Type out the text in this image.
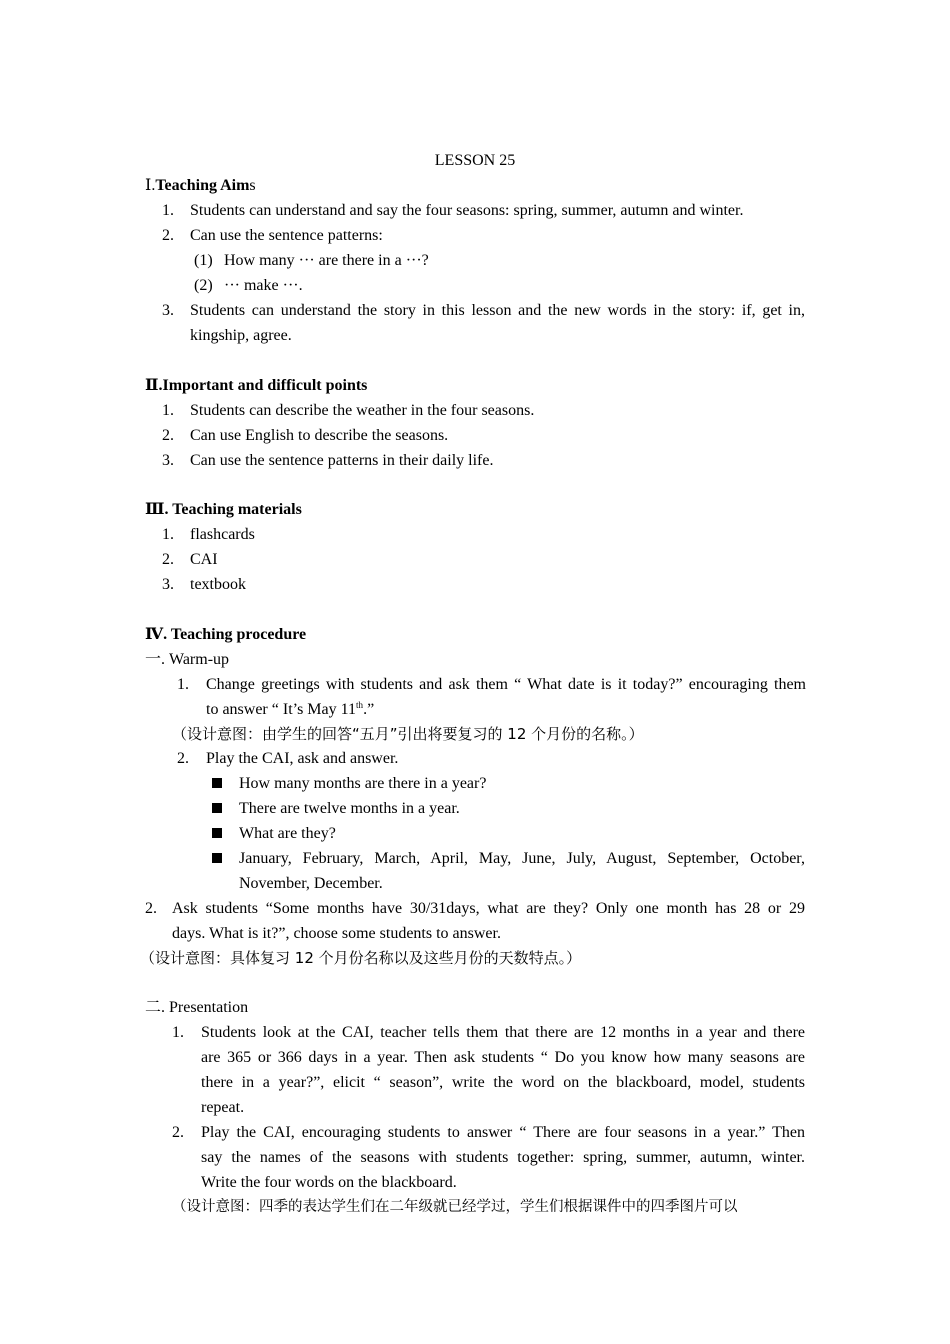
LESSON 25
Ⅰ.Teaching Aims
1. Students can understand and say the four seasons: spring, summer, autumn and winter.
2. Can use the sentence patterns:
(1) How many ··· are there in a ···?
(2) ··· make ···.
3. Students can understand the story in this lesson and the new words in the story: if, get in,
kingship, agree.
Ⅱ.Important and difficult points
1. Students can describe the weather in the four seasons.
2. Can use English to describe the seasons.
3. Can use the sentence patterns in their daily life.
Ⅲ. Teaching materials
1. flashcards
2. CAI
3. textbook
Ⅳ. Teaching procedure
一. Warm-up
1. Change greetings with students and ask them “ What date is it today?” encouraging them
to answer “ It’s May 11th.”
（设计意图：由学生的回答“五月”引出将要复习的 12 个月份的名称。）
2. Play the CAI, ask and answer.
How many months are there in a year?
There are twelve months in a year.
What are they?
January, February, March, April, May, June, July, August, September, October,
November, December.
2. Ask students “Some months have 30/31days, what are they? Only one month has 28 or 29
days. What is it?”, choose some students to answer.
（设计意图：具体复习 12 个月份名称以及这些月份的天数特点。）
二. Presentation
1. Students look at the CAI, teacher tells them that there are 12 months in a year and there
are 365 or 366 days in a year. Then ask students “ Do you know how many seasons are
there in a year?”, elicit “ season”, write the word on the blackboard, model, students
repeat.
2. Play the CAI, encouraging students to answer “ There are four seasons in a year.” Then
say the names of the seasons with students together: spring, summer, autumn, winter.
Write the four words on the blackboard.
（设计意图：四季的表达学生们在二年级就已经学过，学生们根据课件中的四季图片可以
